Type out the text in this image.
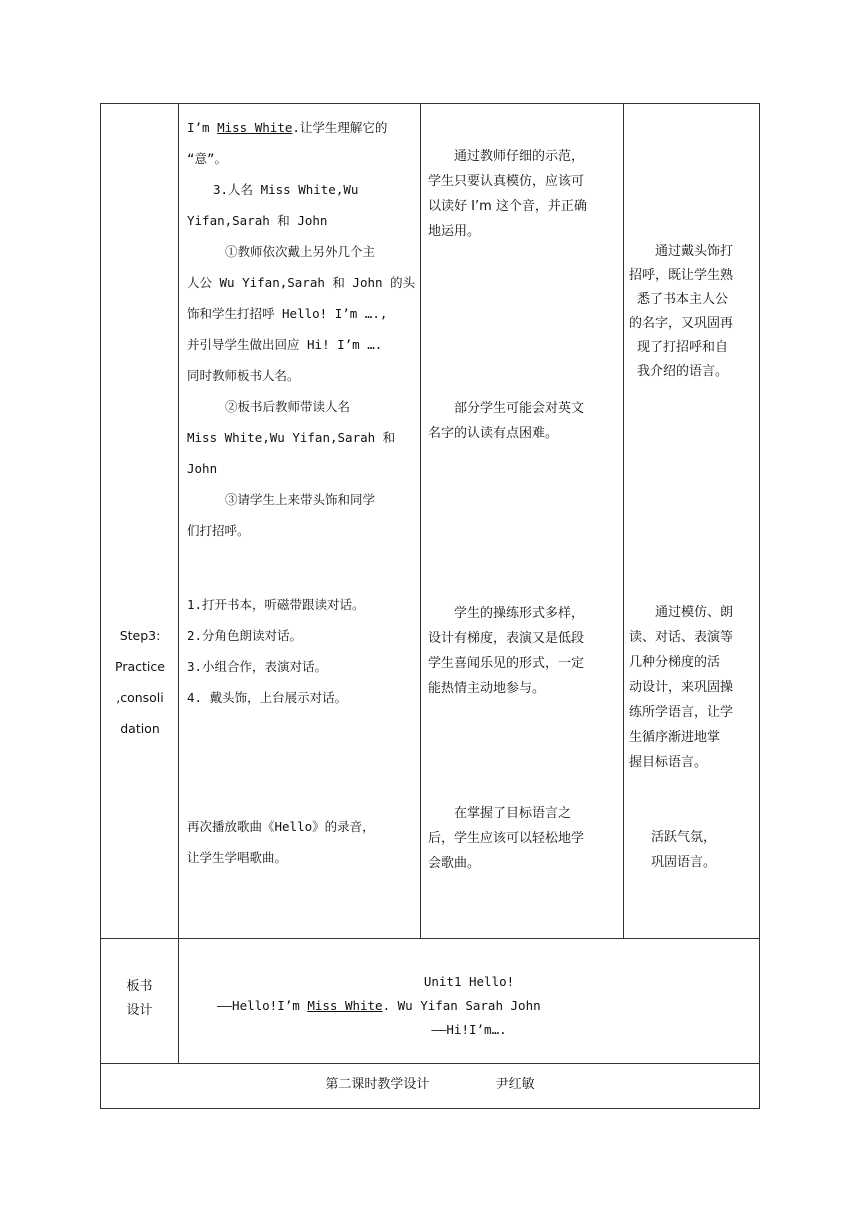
Step3:
Practice
,consoli
dation

I’m Miss White.让学生理解它的

“意”。

3.人名 Miss White,Wu

Yifan,Sarah 和 John

①教师依次戴上另外几个主

人公 Wu Yifan,Sarah 和 John 的头

饰和学生打招呼 Hello! I’m ….,

并引导学生做出回应 Hi! I’m ….

同时教师板书人名。

②板书后教师带读人名

Miss White,Wu Yifan,Sarah 和

John

③请学生上来带头饰和同学

们打招呼。

1.打开书本，听磁带跟读对话。

2.分角色朗读对话。

3.小组合作，表演对话。

4. 戴头饰，上台展示对话。

再次播放歌曲《Hello》的录音，

让学生学唱歌曲。

通过教师仔细的示范，

学生只要认真模仿，应该可

以读好 I’m 这个音，并正确

地运用。

部分学生可能会对英文

名字的认读有点困难。

学生的操练形式多样，

设计有梯度，表演又是低段

学生喜闻乐见的形式，一定

能热情主动地参与。

在掌握了目标语言之

后，学生应该可以轻松地学

会歌曲。

通过戴头饰打

招呼，既让学生熟

悉了书本主人公

的名字，又巩固再

现了打招呼和自

我介绍的语言。

通过模仿、朗

读、对话、表演等

几种分梯度的活

动设计，来巩固操

练所学语言，让学

生循序渐进地掌

握目标语言。

活跃气氛，

巩固语言。

板书
设计
Unit1 Hello!
——Hello!I’m Miss White. Wu Yifan Sarah John
——Hi!I’m….
第二课时教学设计	尹红敏
